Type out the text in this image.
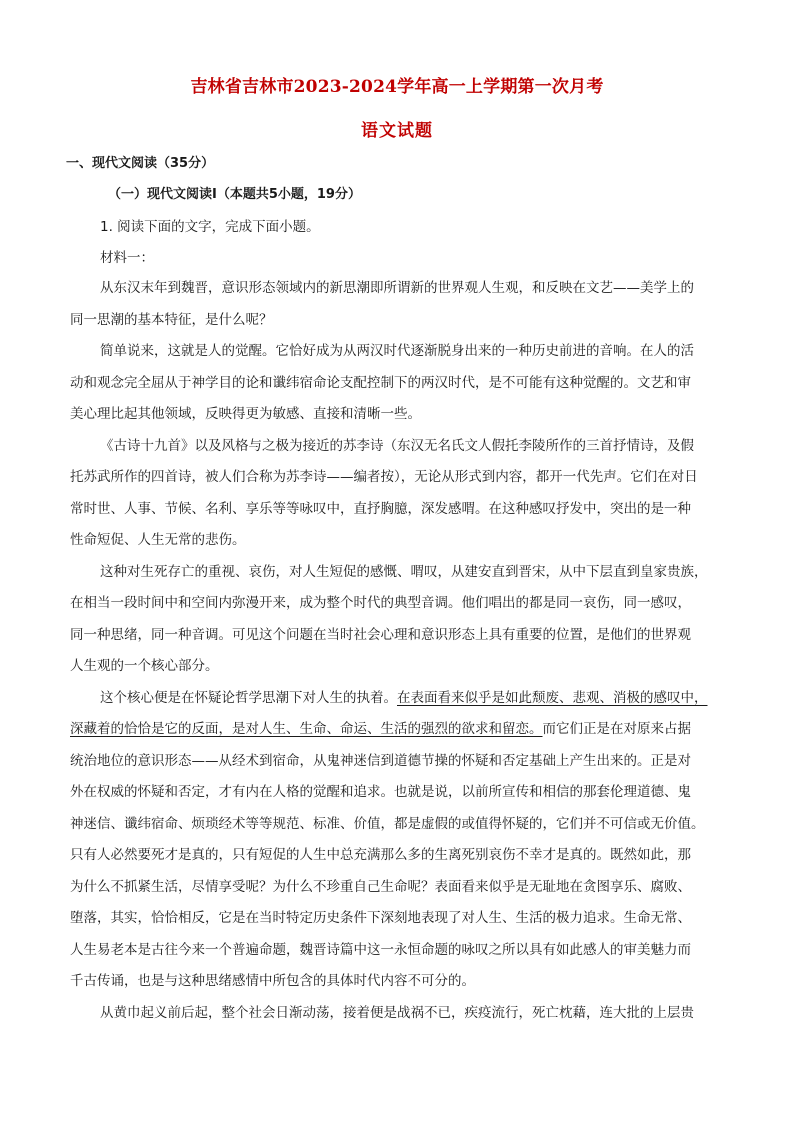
吉林省吉林市2023-2024学年高一上学期第一次月考
语文试题
一、现代文阅读（35分）
（一）现代文阅读Ⅰ（本题共5小题，19分）
1. 阅读下面的文字，完成下面小题。
材料一：
从东汉末年到魏晋，意识形态领域内的新思潮即所谓新的世界观人生观，和反映在文艺——美学上的
同一思潮的基本特征，是什么呢？
简单说来，这就是人的觉醒。它恰好成为从两汉时代逐渐脱身出来的一种历史前进的音响。在人的活
动和观念完全屈从于神学目的论和谶纬宿命论支配控制下的两汉时代，是不可能有这种觉醒的。文艺和审
美心理比起其他领域，反映得更为敏感、直接和清晰一些。
《古诗十九首》以及风格与之极为接近的苏李诗（东汉无名氏文人假托李陵所作的三首抒情诗，及假
托苏武所作的四首诗，被人们合称为苏李诗——编者按），无论从形式到内容，都开一代先声。它们在对日
常时世、人事、节候、名利、享乐等等咏叹中，直抒胸臆，深发感喟。在这种感叹抒发中，突出的是一种
性命短促、人生无常的悲伤。
这种对生死存亡的重视、哀伤，对人生短促的感慨、喟叹，从建安直到晋宋，从中下层直到皇家贵族，
在相当一段时间中和空间内弥漫开来，成为整个时代的典型音调。他们唱出的都是同一哀伤，同一感叹，
同一种思绪，同一种音调。可见这个问题在当时社会心理和意识形态上具有重要的位置，是他们的世界观
人生观的一个核心部分。
这个核心便是在怀疑论哲学思潮下对人生的执着。在表面看来似乎是如此颓废、悲观、消极的感叹中，
深藏着的恰恰是它的反面，是对人生、生命、命运、生活的强烈的欲求和留恋。而它们正是在对原来占据
统治地位的意识形态——从经术到宿命，从鬼神迷信到道德节操的怀疑和否定基础上产生出来的。正是对
外在权威的怀疑和否定，才有内在人格的觉醒和追求。也就是说，以前所宣传和相信的那套伦理道德、鬼
神迷信、谶纬宿命、烦琐经术等等规范、标准、价值，都是虚假的或值得怀疑的，它们并不可信或无价值。
只有人必然要死才是真的，只有短促的人生中总充满那么多的生离死别哀伤不幸才是真的。既然如此，那
为什么不抓紧生活，尽情享受呢？为什么不珍重自己生命呢？表面看来似乎是无耻地在贪图享乐、腐败、
堕落，其实，恰恰相反，它是在当时特定历史条件下深刻地表现了对人生、生活的极力追求。生命无常、
人生易老本是古往今来一个普遍命题，魏晋诗篇中这一永恒命题的咏叹之所以具有如此感人的审美魅力而
千古传诵，也是与这种思绪感情中所包含的具体时代内容不可分的。
从黄巾起义前后起，整个社会日渐动荡，接着便是战祸不已，疾疫流行，死亡枕藉，连大批的上层贵
